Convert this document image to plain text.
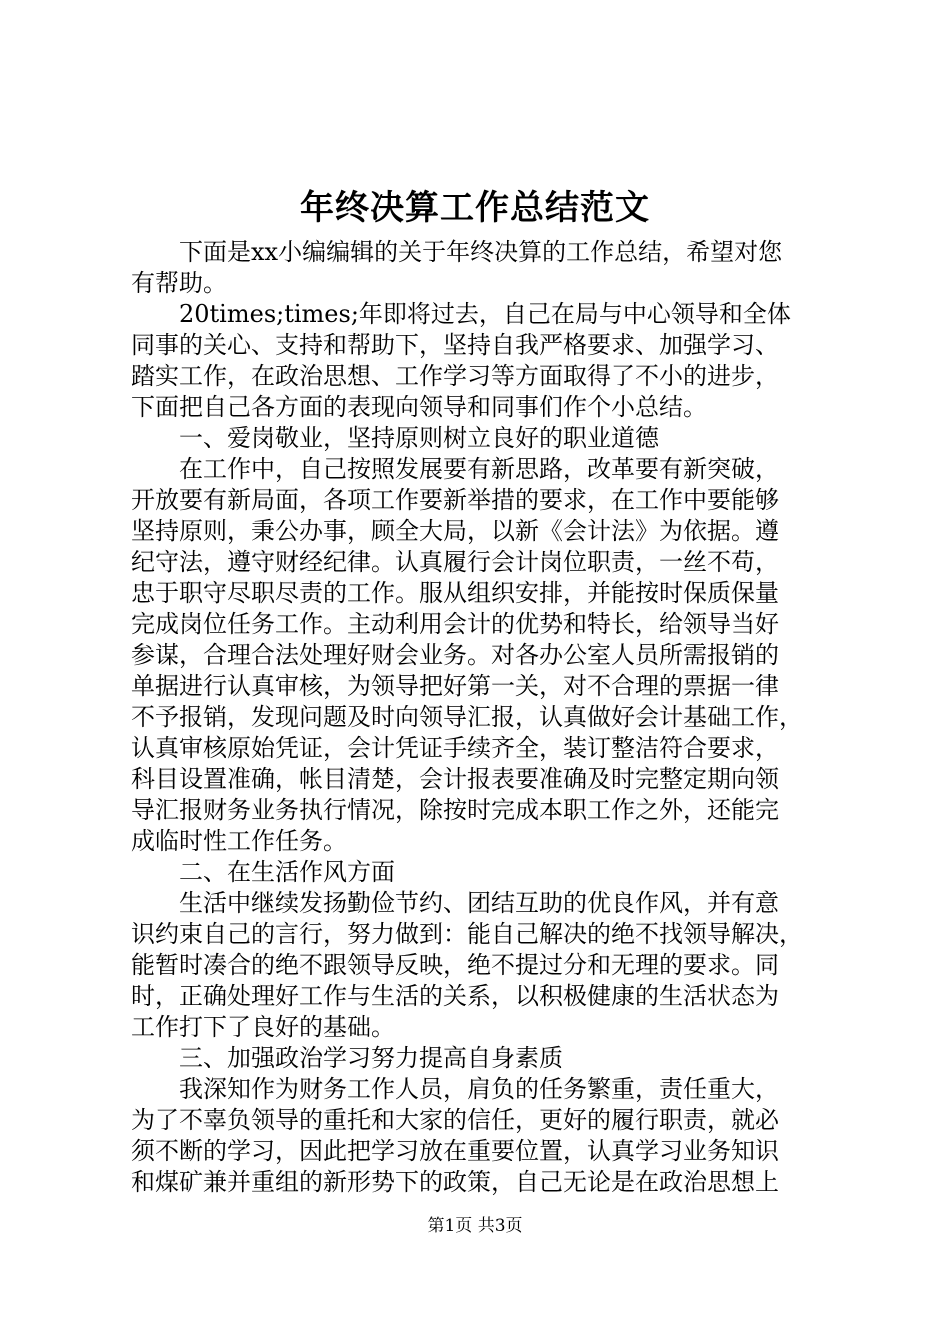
年终决算工作总结范文
　　下面是xx小编编辑的关于年终决算的工作总结，希望对您
有帮助。
　　20times;times;年即将过去，自己在局与中心领导和全体
同事的关心、支持和帮助下，坚持自我严格要求、加强学习、
踏实工作，在政治思想、工作学习等方面取得了不小的进步，
下面把自己各方面的表现向领导和同事们作个小总结。
　　一、爱岗敬业，坚持原则树立良好的职业道德
　　在工作中，自己按照发展要有新思路，改革要有新突破，
开放要有新局面，各项工作要新举措的要求，在工作中要能够
坚持原则，秉公办事，顾全大局，以新《会计法》为依据。遵
纪守法，遵守财经纪律。认真履行会计岗位职责，一丝不苟，
忠于职守尽职尽责的工作。服从组织安排，并能按时保质保量
完成岗位任务工作。主动利用会计的优势和特长，给领导当好
参谋，合理合法处理好财会业务。对各办公室人员所需报销的
单据进行认真审核，为领导把好第一关，对不合理的票据一律
不予报销，发现问题及时向领导汇报，认真做好会计基础工作，
认真审核原始凭证，会计凭证手续齐全，装订整洁符合要求，
科目设置准确，帐目清楚，会计报表要准确及时完整定期向领
导汇报财务业务执行情况，除按时完成本职工作之外，还能完
成临时性工作任务。
　　二、在生活作风方面
　　生活中继续发扬勤俭节约、团结互助的优良作风，并有意
识约束自己的言行，努力做到：能自己解决的绝不找领导解决，
能暂时凑合的绝不跟领导反映，绝不提过分和无理的要求。同
时，正确处理好工作与生活的关系，以积极健康的生活状态为
工作打下了良好的基础。
　　三、加强政治学习努力提高自身素质
　　我深知作为财务工作人员，肩负的任务繁重，责任重大，
为了不辜负领导的重托和大家的信任，更好的履行职责，就必
须不断的学习，因此把学习放在重要位置，认真学习业务知识
和煤矿兼并重组的新形势下的政策，自己无论是在政治思想上
第1页 共3页
